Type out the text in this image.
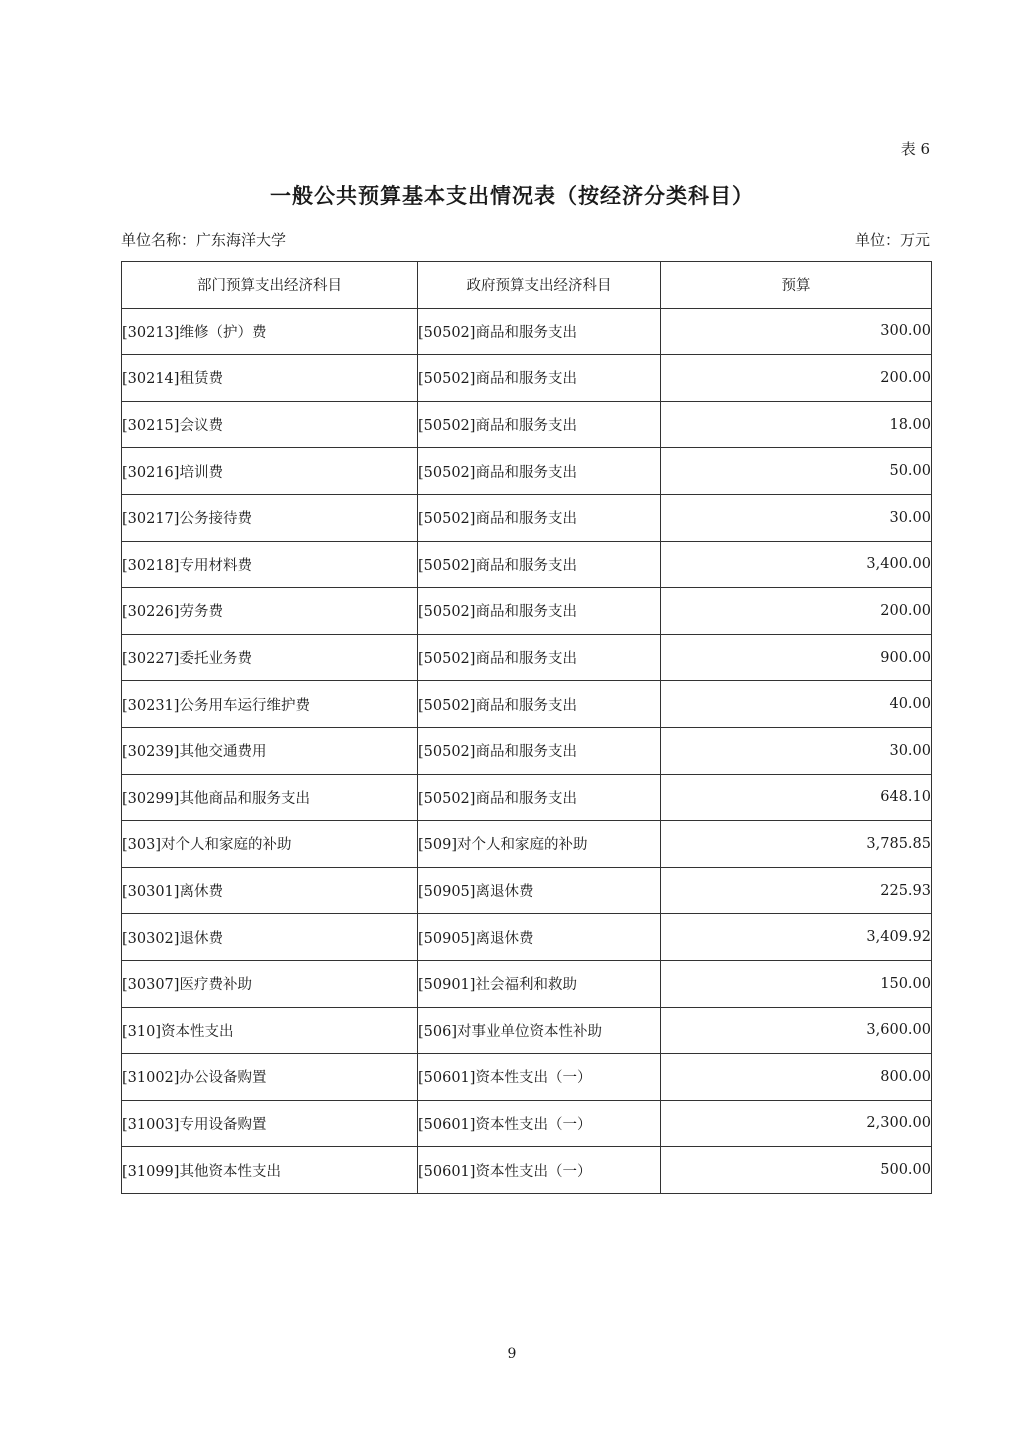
表 6
一般公共预算基本支出情况表（按经济分类科目）
单位名称：广东海洋大学	单位：万元
部门预算支出经济科目	政府预算支出经济科目	预算
[30213]维修（护）费	[50502]商品和服务支出	300.00
[30214]租赁费	[50502]商品和服务支出	200.00
[30215]会议费	[50502]商品和服务支出	18.00
[30216]培训费	[50502]商品和服务支出	50.00
[30217]公务接待费	[50502]商品和服务支出	30.00
[30218]专用材料费	[50502]商品和服务支出	3,400.00
[30226]劳务费	[50502]商品和服务支出	200.00
[30227]委托业务费	[50502]商品和服务支出	900.00
[30231]公务用车运行维护费	[50502]商品和服务支出	40.00
[30239]其他交通费用	[50502]商品和服务支出	30.00
[30299]其他商品和服务支出	[50502]商品和服务支出	648.10
[303]对个人和家庭的补助	[509]对个人和家庭的补助	3,785.85
[30301]离休费	[50905]离退休费	225.93
[30302]退休费	[50905]离退休费	3,409.92
[30307]医疗费补助	[50901]社会福利和救助	150.00
[310]资本性支出	[506]对事业单位资本性补助	3,600.00
[31002]办公设备购置	[50601]资本性支出（一）	800.00
[31003]专用设备购置	[50601]资本性支出（一）	2,300.00
[31099]其他资本性支出	[50601]资本性支出（一）	500.00
9
